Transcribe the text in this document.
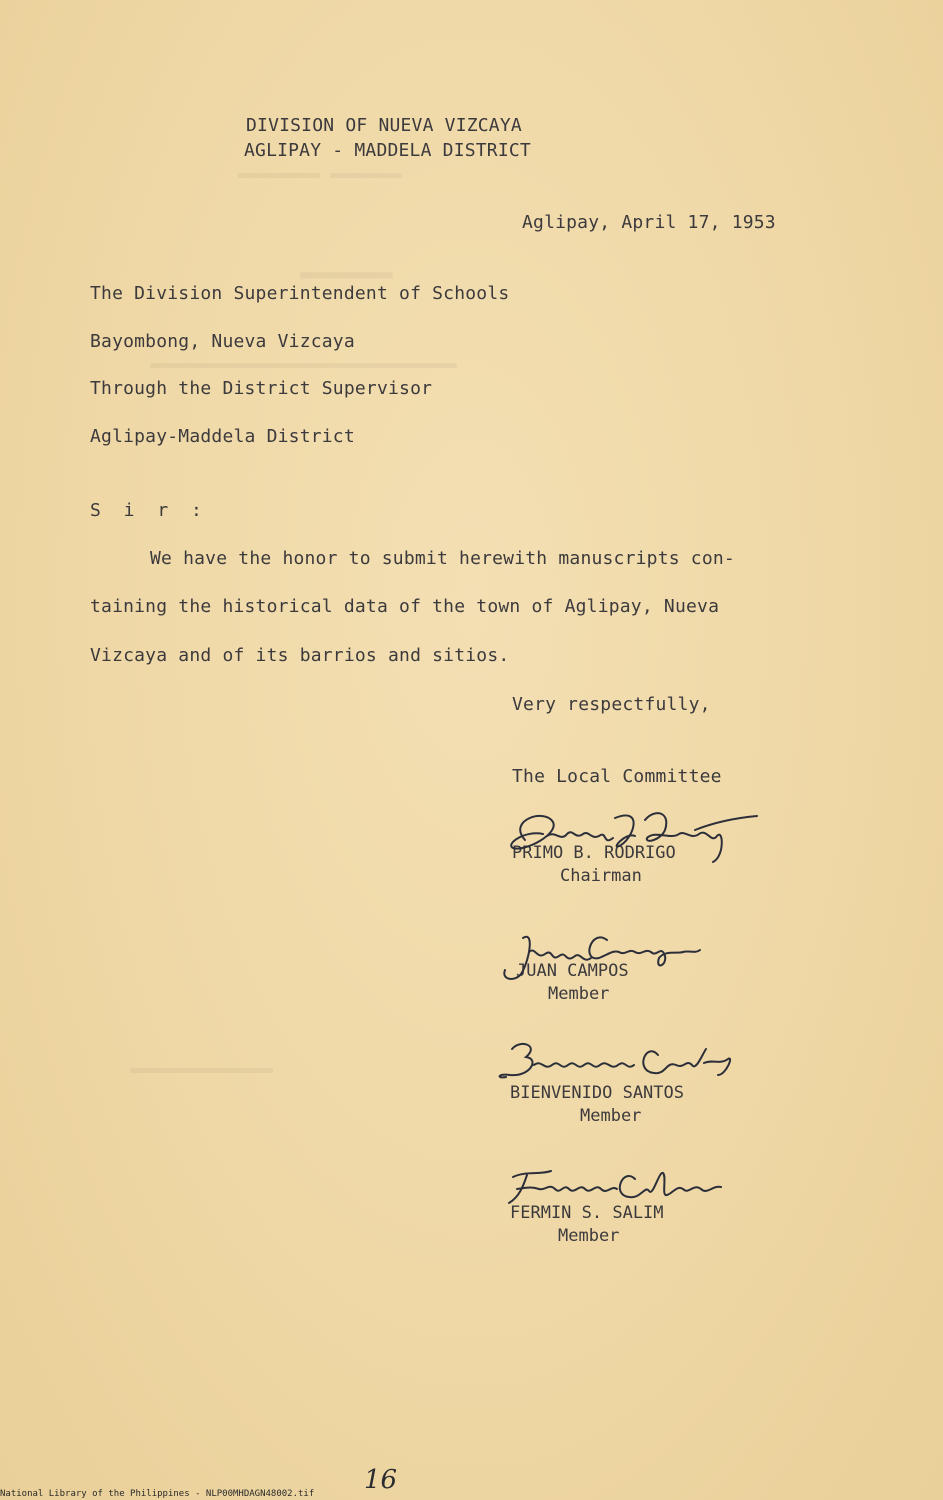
▬▬▬▬▬▬▬▬ ▬▬▬▬▬▬▬
▬▬▬▬▬▬▬
▬▬▬▬▬▬▬▬▬▬▬▬▬▬▬▬▬▬▬▬▬▬▬▬▬▬▬▬▬▬
▬▬▬▬▬▬▬▬▬▬▬▬▬▬
DIVISION OF NUEVA VIZCAYA
AGLIPAY - MADDELA DISTRICT
Aglipay, April 17, 1953
The Division Superintendent of Schools
Bayombong, Nueva Vizcaya
Through the District Supervisor
Aglipay-Maddela District
S i r :
We have the honor to submit herewith manuscripts con-
taining the historical data of the town of Aglipay, Nueva
Vizcaya and of its barrios and sitios.
Very respectfully,
The Local Committee
PRIMO B. RODRIGO
Chairman
JUAN CAMPOS
Member
BIENVENIDO SANTOS
Member
FERMIN S. SALIM
Member
16
National Library of the Philippines - NLP00MHDAGN48002.tif
